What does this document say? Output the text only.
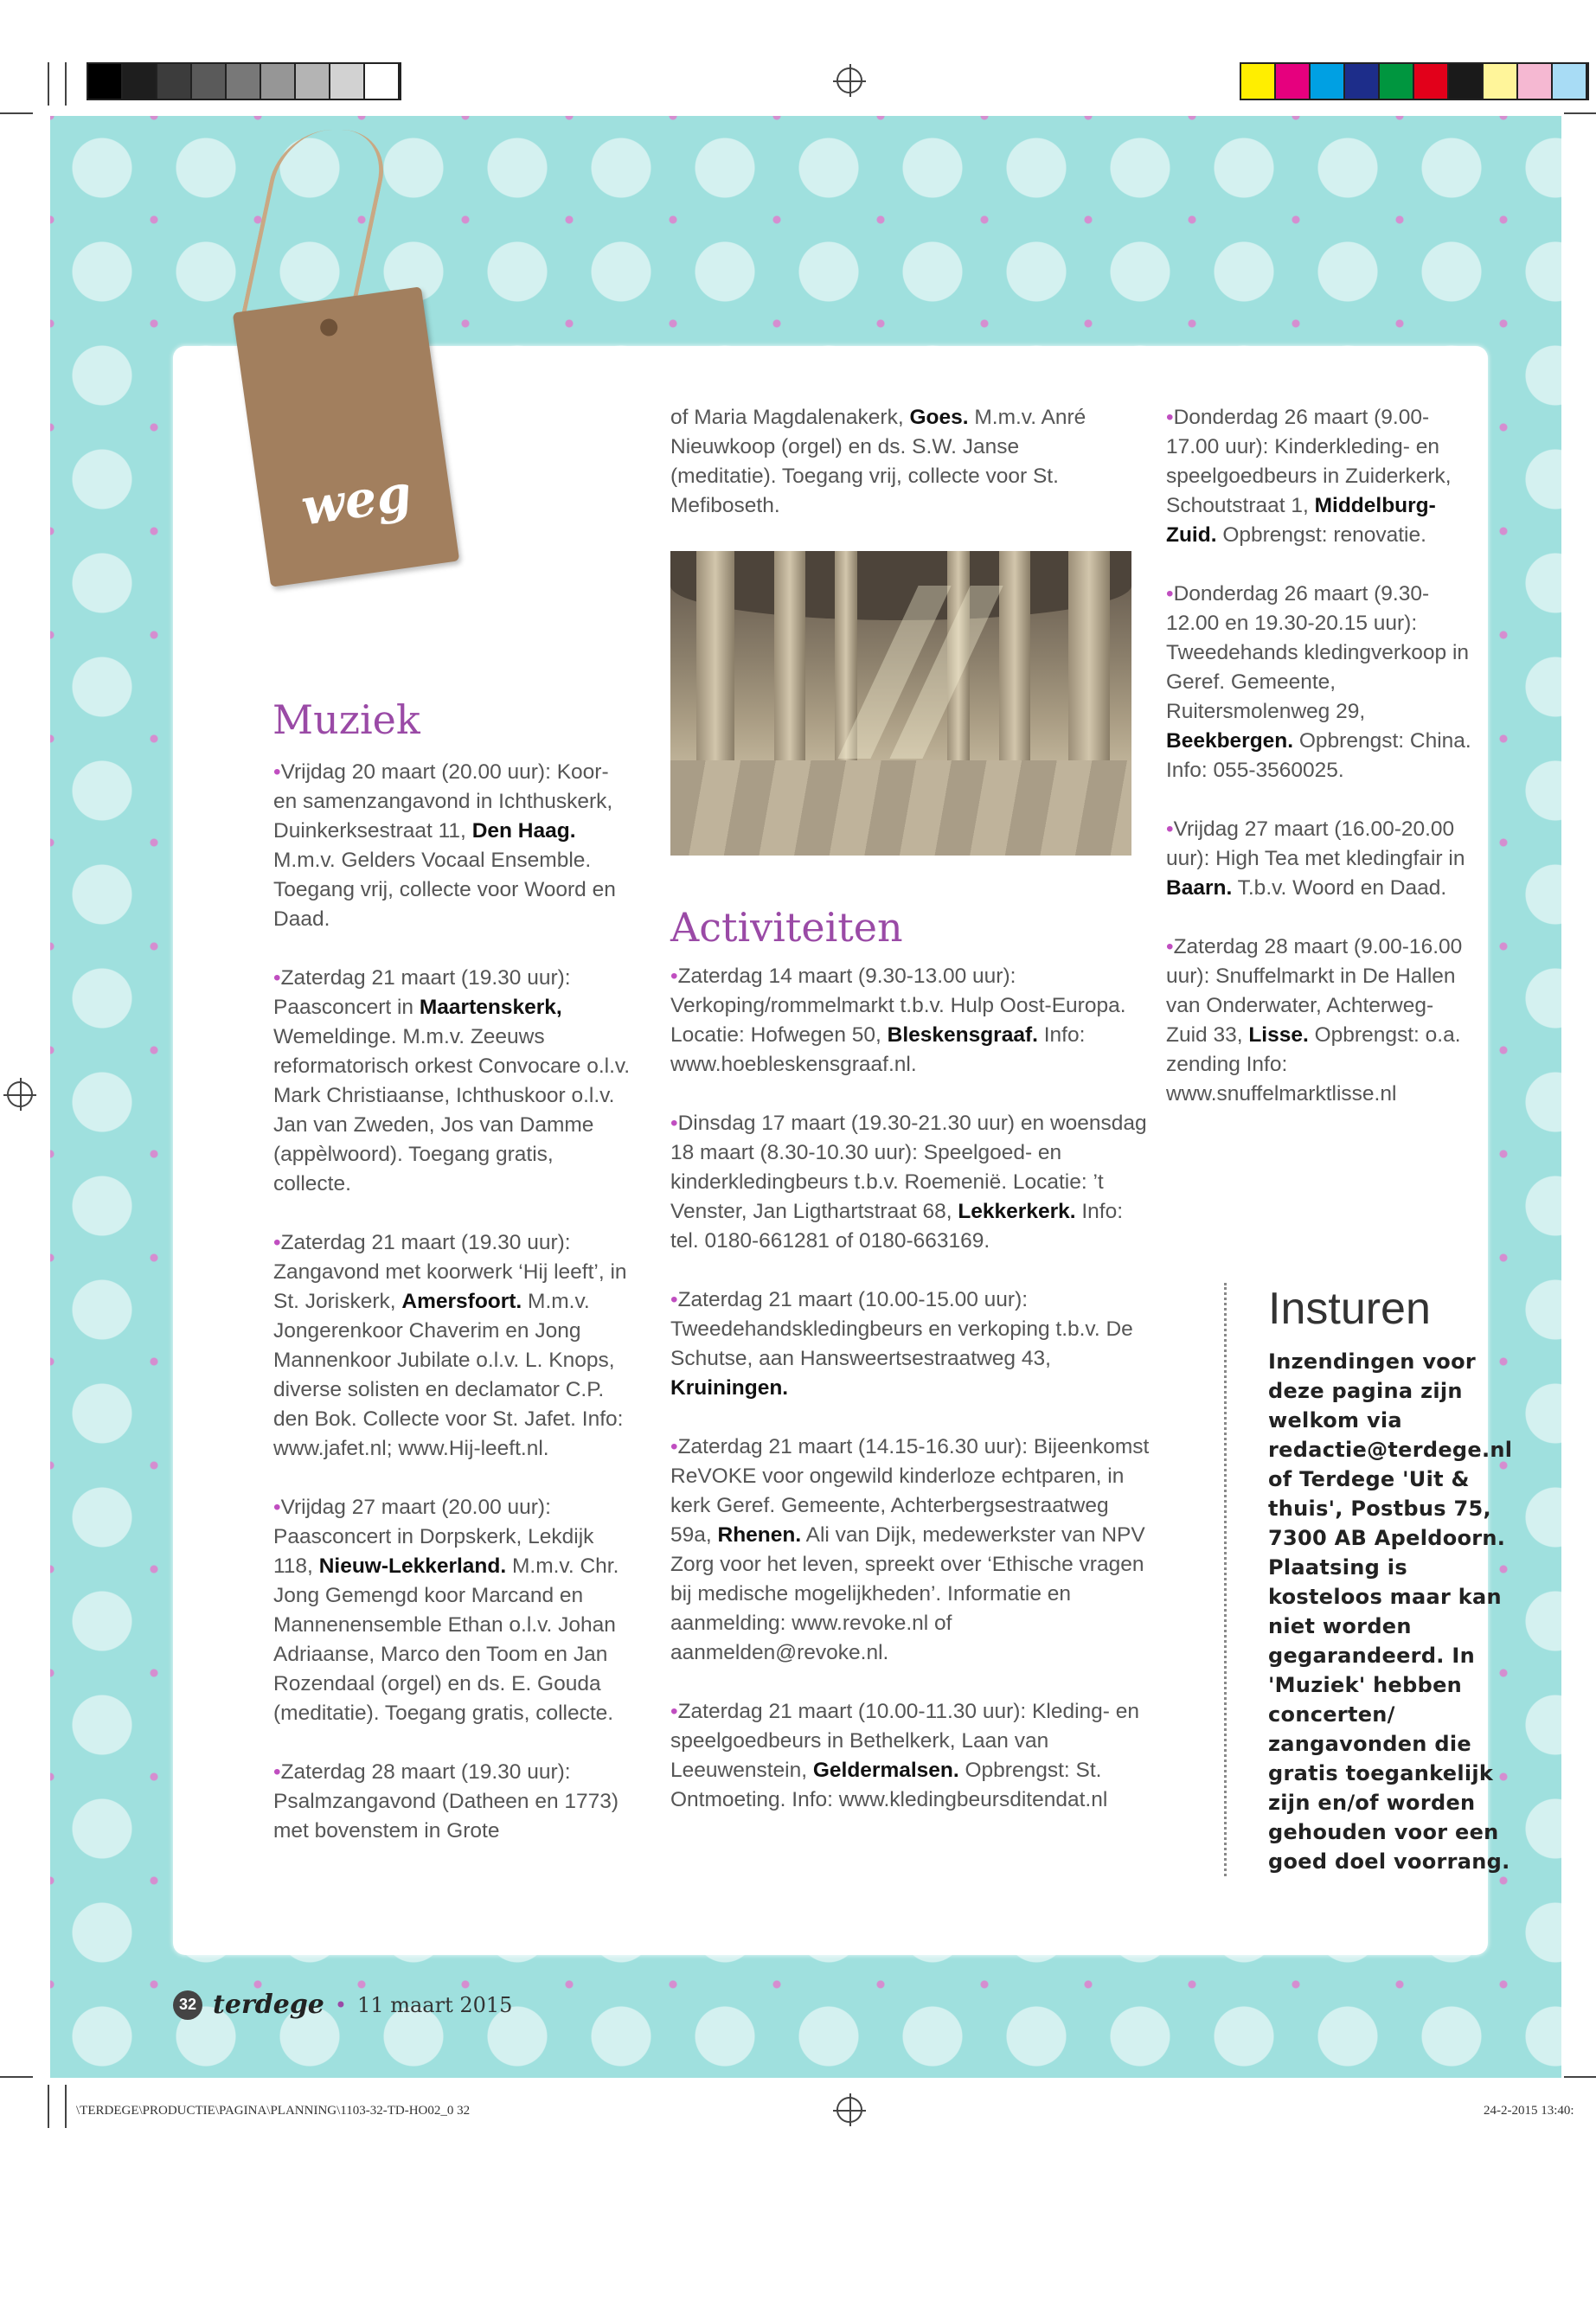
weg
Muziek

•Vrijdag 20 maart (20.00 uur): Koor- en samenzangavond in Ichthuskerk, Duinkerksestraat 11, Den Haag. M.m.v. Gelders Vocaal Ensemble. Toegang vrij, collecte voor Woord en Daad.

•Zaterdag 21 maart (19.30 uur): Paasconcert in Maartenskerk, Wemeldinge. M.m.v. Zeeuws reformatorisch orkest Convocare o.l.v. Mark Christiaanse, Ichthuskoor o.l.v. Jan van Zweden, Jos van Damme (appèlwoord). Toegang gratis, collecte.

•Zaterdag 21 maart (19.30 uur): Zangavond met koorwerk ‘Hij leeft’, in St. Joriskerk, Amersfoort. M.m.v. Jongerenkoor Chaverim en Jong Mannenkoor Jubilate o.l.v. L. Knops, diverse solisten en declamator C.P. den Bok. Collecte voor St. Jafet. Info: www.jafet.nl; www.Hij-leeft.nl.

•Vrijdag 27 maart (20.00 uur): Paasconcert in Dorpskerk, Lekdijk 118, Nieuw-Lekkerland. M.m.v. Chr. Jong Gemengd koor Marcand en Mannenensemble Ethan o.l.v. Johan Adriaanse, Marco den Toom en Jan Rozendaal (orgel) en ds. E. Gouda (meditatie). Toegang gratis, collecte.

•Zaterdag 28 maart (19.30 uur): Psalmzangavond (Datheen en 1773) met bovenstem in Grote

of Maria Magdalenakerk, Goes. M.m.v. Anré Nieuwkoop (orgel) en ds. S.W. Janse (meditatie). Toegang vrij, collecte voor St. Mefiboseth.

Activiteiten

•Zaterdag 14 maart (9.30-13.00 uur): Verkoping/rommelmarkt t.b.v. Hulp Oost-Europa. Locatie: Hofwegen 50, Bleskensgraaf. Info: www.hoebleskensgraaf.nl.

•Dinsdag 17 maart (19.30-21.30 uur) en woensdag 18 maart (8.30-10.30 uur): Speelgoed- en kinderkledingbeurs t.b.v. Roemenië. Locatie: ’t Venster, Jan Ligthartstraat 68, Lekkerkerk. Info: tel. 0180-661281 of 0180-663169.

•Zaterdag 21 maart (10.00-15.00 uur): Tweedehandskledingbeurs en verkoping t.b.v. De Schutse, aan Hansweertsestraatweg 43, Kruiningen.

•Zaterdag 21 maart (14.15-16.30 uur): Bijeenkomst ReVOKE voor ongewild kinderloze echtparen, in kerk Geref. Gemeente, Achterbergsestraatweg 59a, Rhenen. Ali van Dijk, medewerkster van NPV Zorg voor het leven, spreekt over ‘Ethische vragen bij medische mogelijkheden’. Informatie en aanmelding: www.revoke.nl of aanmelden@revoke.nl.

•Zaterdag 21 maart (10.00-11.30 uur): Kleding- en speelgoedbeurs in Bethelkerk, Laan van Leeuwenstein, Geldermalsen. Opbrengst: St. Ontmoeting. Info: www.kledingbeursditendat.nl

•Donderdag 26 maart (9.00-17.00 uur): Kinderkleding- en speelgoedbeurs in Zuiderkerk, Schoutstraat 1, Middelburg-Zuid. Opbrengst: renovatie.

•Donderdag 26 maart (9.30-12.00 en 19.30-20.15 uur): Tweedehands kledingverkoop in Geref. Gemeente, Ruitersmolenweg 29, Beekbergen. Opbrengst: China. Info: 055-3560025.

•Vrijdag 27 maart (16.00-20.00 uur): High Tea met kledingfair in Baarn. T.b.v. Woord en Daad.

•Zaterdag 28 maart (9.00-16.00 uur): Snuffelmarkt in De Hallen van Onderwater, Achterweg-Zuid 33, Lisse. Opbrengst: o.a. zending Info: www.snuffelmarktlisse.nl

Insturen
Inzendingen voor deze pagina zijn welkom via redactie@terdege.nl of Terdege 'Uit & thuis', Postbus 75, 7300 AB Apeldoorn. Plaatsing is kosteloos maar kan niet worden gegarandeerd. In 'Muziek' hebben concerten/ zangavonden die gratis toegankelijk zijn en/of worden gehouden voor een goed doel voorrang.
32 terdege • 11 maart 2015
\TERDEGE\PRODUCTIE\PAGINA\PLANNING\1103-32-TD-HO02_0 32	24-2-2015 13:40:
